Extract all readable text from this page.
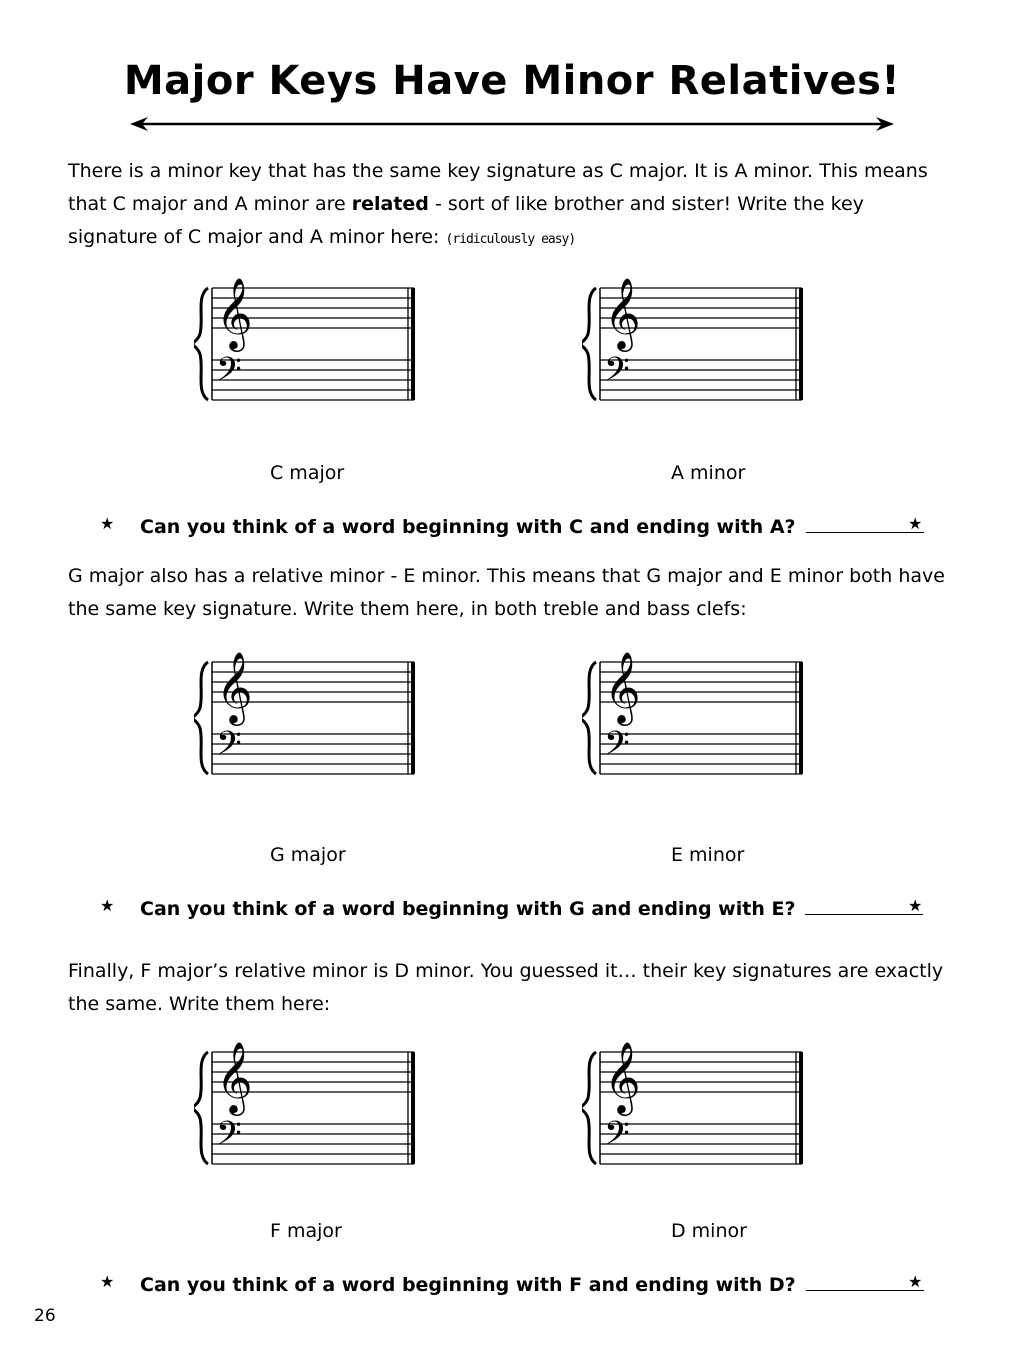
Major Keys Have Minor Relatives!
There is a minor key that has the same key signature as C major. It is A minor. This means
that C major and A minor are related - sort of like brother and sister! Write the key
signature of C major and A minor here: (ridiculously easy)
C major	A minor
★ Can you think of a word beginning with C and ending with A?	★
G major also has a relative minor - E minor. This means that G major and E minor both have
the same key signature. Write them here, in both treble and bass clefs:
G major	E minor
★ Can you think of a word beginning with G and ending with E?	★
Finally, F major’s relative minor is D minor. You guessed it… their key signatures are exactly
the same. Write them here:
F major	D minor
★ Can you think of a word beginning with F and ending with D?	★
26
